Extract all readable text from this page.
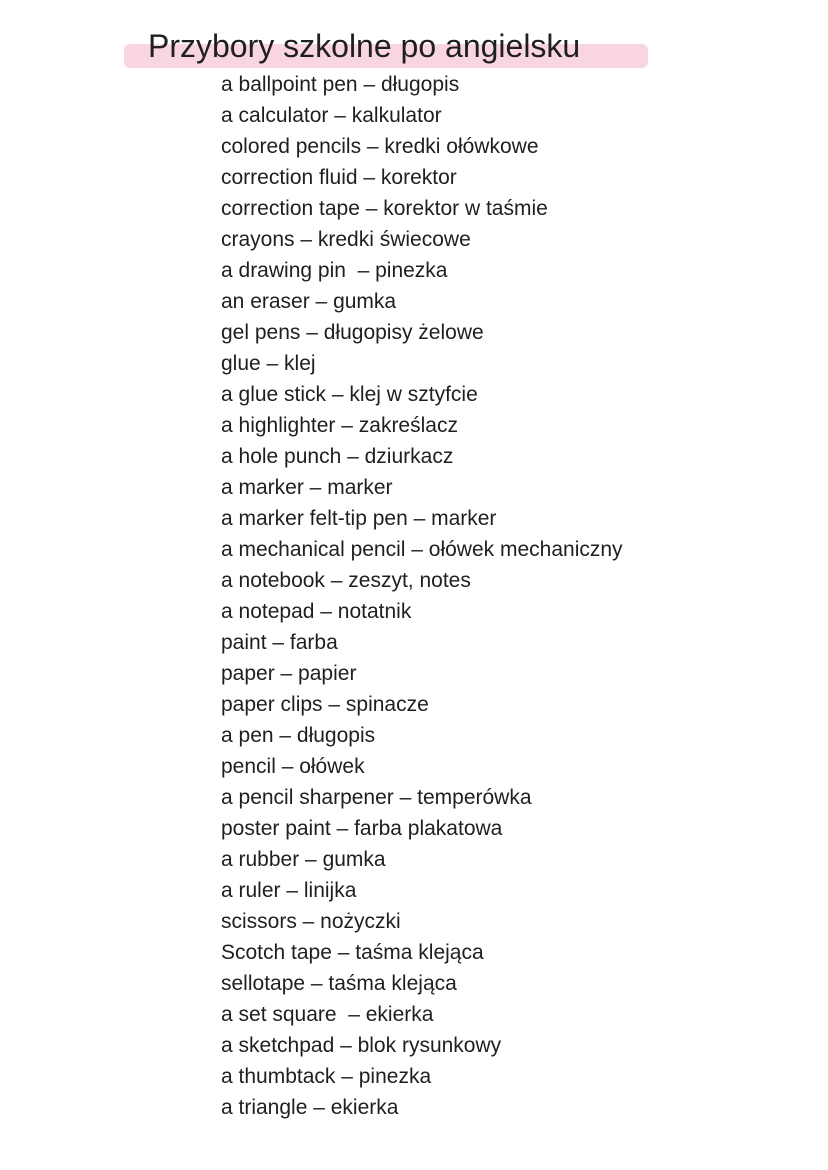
Przybory szkolne po angielsku
a ballpoint pen – długopis
a calculator – kalkulator
colored pencils – kredki ołówkowe
correction fluid – korektor
correction tape – korektor w taśmie
crayons – kredki świecowe
a drawing pin  – pinezka
an eraser – gumka
gel pens – długopisy żelowe
glue – klej
a glue stick – klej w sztyfcie
a highlighter – zakreślacz
a hole punch – dziurkacz
a marker – marker
a marker felt-tip pen – marker
a mechanical pencil – ołówek mechaniczny
a notebook – zeszyt, notes
a notepad – notatnik
paint – farba
paper – papier
paper clips – spinacze
a pen – długopis
pencil – ołówek
a pencil sharpener – temperówka
poster paint – farba plakatowa
a rubber – gumka
a ruler – linijka
scissors – nożyczki
Scotch tape – taśma klejąca
sellotape – taśma klejąca
a set square  – ekierka
a sketchpad – blok rysunkowy
a thumbtack – pinezka
a triangle – ekierka
